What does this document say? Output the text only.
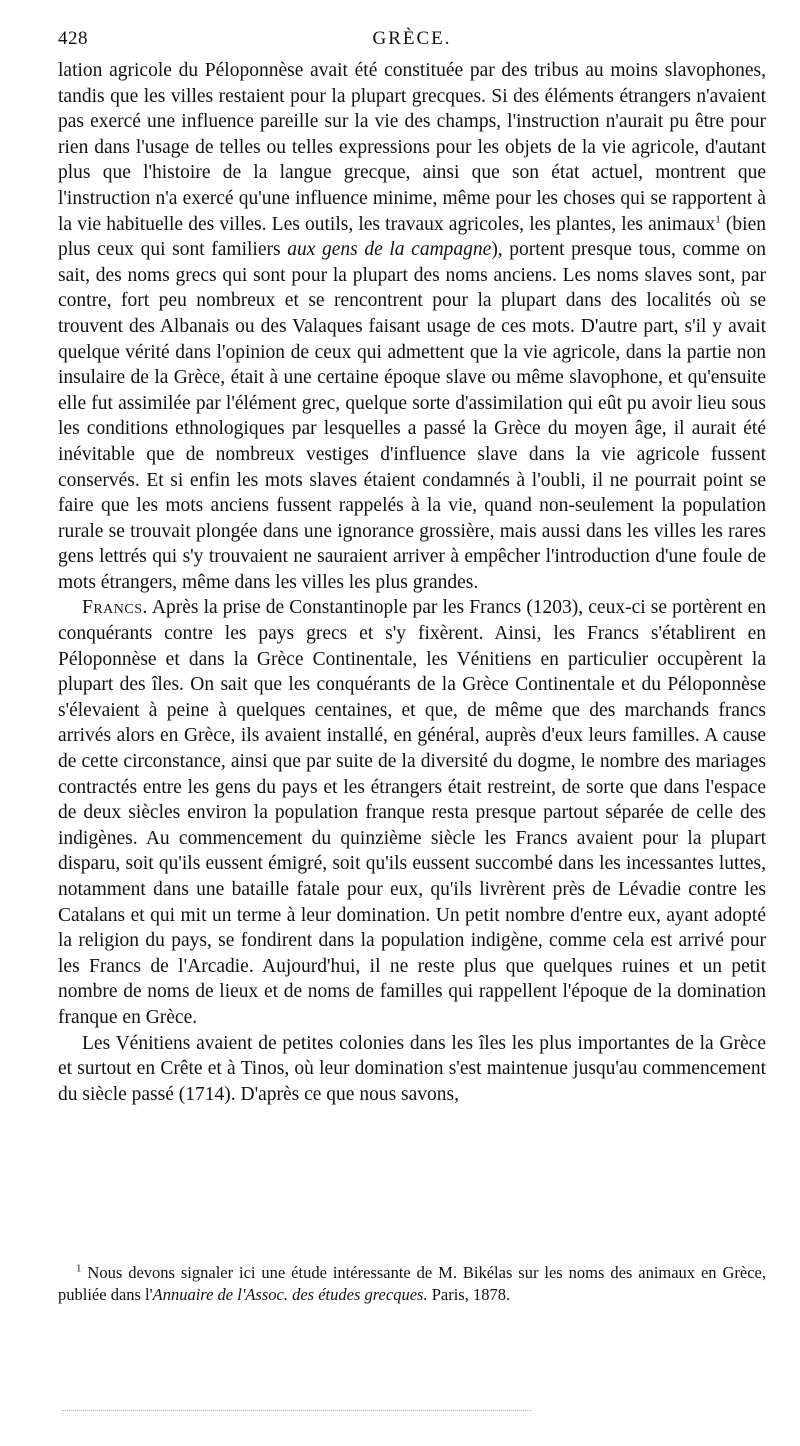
428	GRÈCE.

lation agricole du Péloponnèse avait été constituée par des tribus au moins slavophones, tandis que les villes restaient pour la plupart grecques. Si des éléments étrangers n'avaient pas exercé une influence pareille sur la vie des champs, l'instruction n'aurait pu être pour rien dans l'usage de telles ou telles expressions pour les objets de la vie agricole, d'autant plus que l'histoire de la langue grecque, ainsi que son état actuel, montrent que l'instruction n'a exercé qu'une influence minime, même pour les choses qui se rapportent à la vie habituelle des villes. Les outils, les travaux agricoles, les plantes, les animaux$^1$ (bien plus ceux qui sont familiers aux gens de la campagne), portent presque tous, comme on sait, des noms grecs qui sont pour la plupart des noms anciens. Les noms slaves sont, par contre, fort peu nombreux et se rencontrent pour la plupart dans des localités où se trouvent des Albanais ou des Valaques faisant usage de ces mots. D'autre part, s'il y avait quelque vérité dans l'opinion de ceux qui admettent que la vie agricole, dans la partie non insulaire de la Grèce, était à une certaine époque slave ou même slavophone, et qu'ensuite elle fut assimilée par l'élément grec, quelque sorte d'assimilation qui eût pu avoir lieu sous les conditions ethnologiques par lesquelles a passé la Grèce du moyen âge, il aurait été inévitable que de nombreux vestiges d'influence slave dans la vie agricole fussent conservés. Et si enfin les mots slaves étaient condamnés à l'oubli, il ne pourrait point se faire que les mots anciens fussent rappelés à la vie, quand non-seulement la population rurale se trouvait plongée dans une ignorance grossière, mais aussi dans les villes les rares gens lettrés qui s'y trouvaient ne sauraient arriver à empêcher l'introduction d'une foule de mots étrangers, même dans les villes les plus grandes.

Francs. Après la prise de Constantinople par les Francs (1203), ceux-ci se portèrent en conquérants contre les pays grecs et s'y fixèrent. Ainsi, les Francs s'établirent en Péloponnèse et dans la Grèce Continentale, les Vénitiens en particulier occupèrent la plupart des îles. On sait que les conquérants de la Grèce Continentale et du Péloponnèse s'élevaient à peine à quelques centaines, et que, de même que des marchands francs arrivés alors en Grèce, ils avaient installé, en général, auprès d'eux leurs familles. A cause de cette circonstance, ainsi que par suite de la diversité du dogme, le nombre des mariages contractés entre les gens du pays et les étrangers était restreint, de sorte que dans l'espace de deux siècles environ la population franque resta presque partout séparée de celle des indigènes. Au commencement du quinzième siècle les Francs avaient pour la plupart disparu, soit qu'ils eussent émigré, soit qu'ils eussent succombé dans les incessantes luttes, notamment dans une bataille fatale pour eux, qu'ils livrèrent près de Lévadie contre les Catalans et qui mit un terme à leur domination. Un petit nombre d'entre eux, ayant adopté la religion du pays, se fondirent dans la population indigène, comme cela est arrivé pour les Francs de l'Arcadie. Aujourd'hui, il ne reste plus que quelques ruines et un petit nombre de noms de lieux et de noms de familles qui rappellent l'époque de la domination franque en Grèce.

Les Vénitiens avaient de petites colonies dans les îles les plus importantes de la Grèce et surtout en Crête et à Tinos, où leur domination s'est maintenue jusqu'au commencement du siècle passé (1714). D'après ce que nous savons,

$^1$ Nous devons signaler ici une étude intéressante de M. Bikélas sur les noms des animaux en Grèce, publiée dans l'Annuaire de l'Assoc. des études grecques. Paris, 1878.
